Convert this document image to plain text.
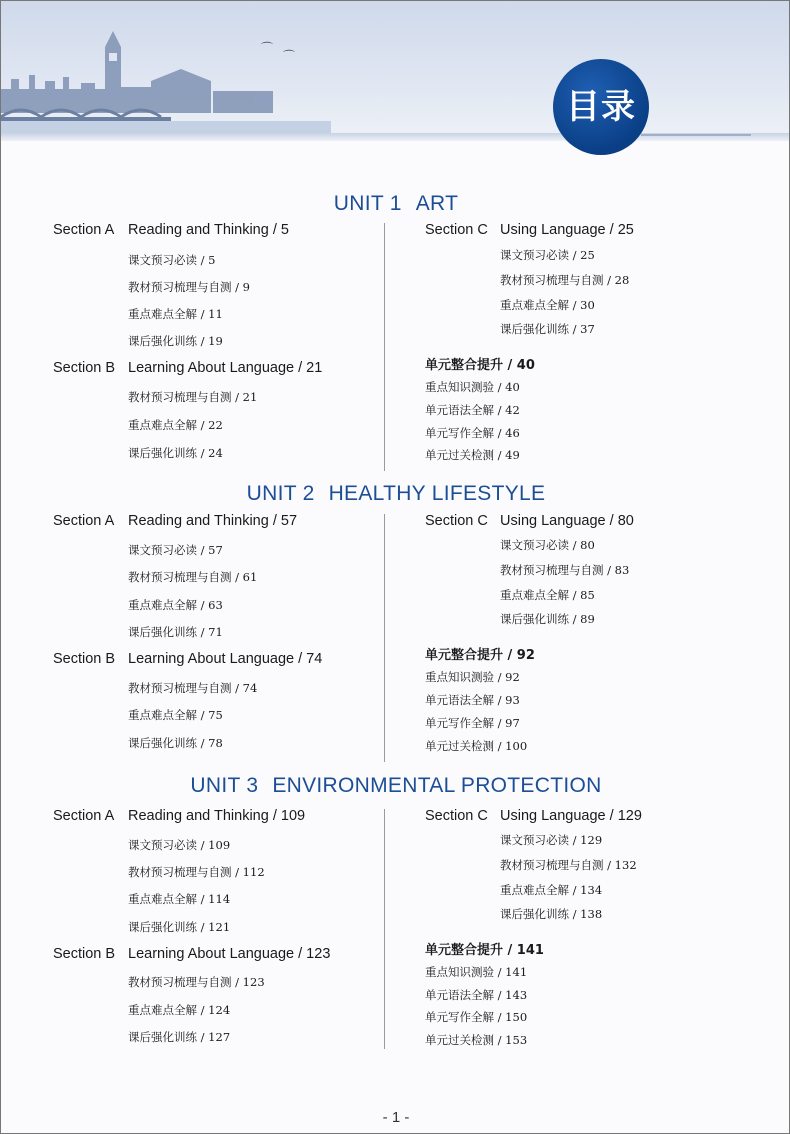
⌒
⌒
目录
UNIT 1 ART
Section A Reading and Thinking / 5
课文预习必读 / 5
教材预习梳理与自测 / 9
重点难点全解 / 11
课后强化训练 / 19
Section B Learning About Language / 21
教材预习梳理与自测 / 21
重点难点全解 / 22
课后强化训练 / 24
Section C Using Language / 25
课文预习必读 / 25
教材预习梳理与自测 / 28
重点难点全解 / 30
课后强化训练 / 37
单元整合提升 / 40
重点知识测验 / 40
单元语法全解 / 42
单元写作全解 / 46
单元过关检测 / 49
UNIT 2 HEALTHY LIFESTYLE
Section A Reading and Thinking / 57
课文预习必读 / 57
教材预习梳理与自测 / 61
重点难点全解 / 63
课后强化训练 / 71
Section B Learning About Language / 74
教材预习梳理与自测 / 74
重点难点全解 / 75
课后强化训练 / 78
Section C Using Language / 80
课文预习必读 / 80
教材预习梳理与自测 / 83
重点难点全解 / 85
课后强化训练 / 89
单元整合提升 / 92
重点知识测验 / 92
单元语法全解 / 93
单元写作全解 / 97
单元过关检测 / 100
UNIT 3 ENVIRONMENTAL PROTECTION
Section A Reading and Thinking / 109
课文预习必读 / 109
教材预习梳理与自测 / 112
重点难点全解 / 114
课后强化训练 / 121
Section B Learning About Language / 123
教材预习梳理与自测 / 123
重点难点全解 / 124
课后强化训练 / 127
Section C Using Language / 129
课文预习必读 / 129
教材预习梳理与自测 / 132
重点难点全解 / 134
课后强化训练 / 138
单元整合提升 / 141
重点知识测验 / 141
单元语法全解 / 143
单元写作全解 / 150
单元过关检测 / 153
- 1 -
